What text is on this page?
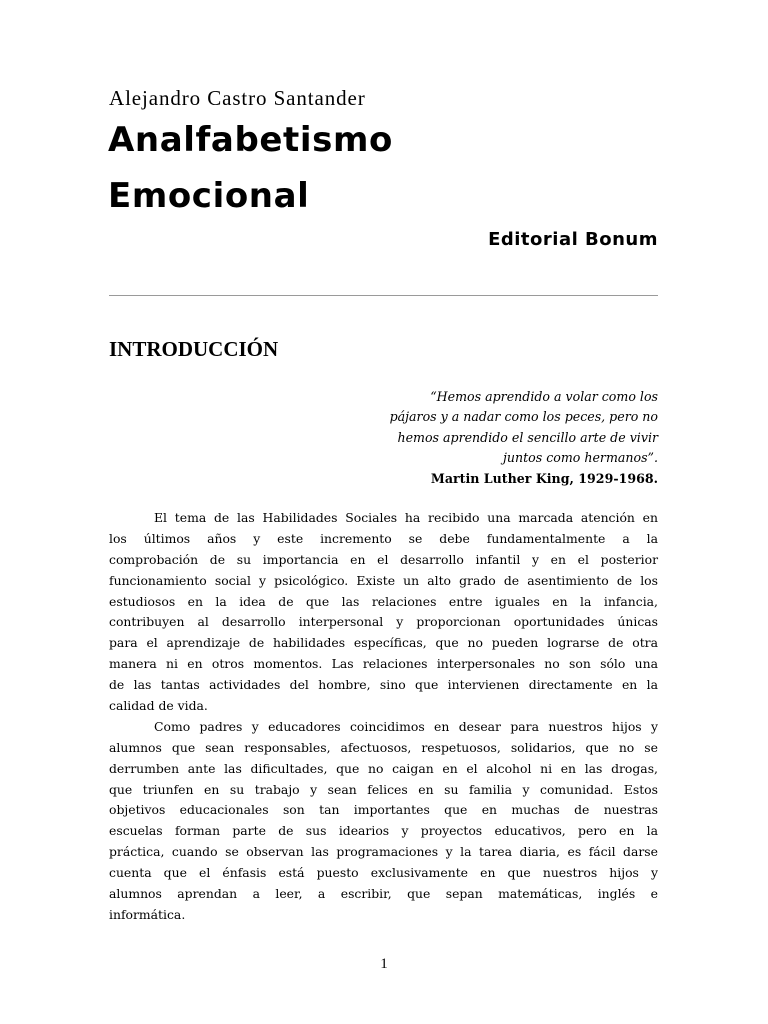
Alejandro Castro Santander
Analfabetismo
Emocional
Editorial Bonum
INTRODUCCIÓN
“Hemos aprendido a volar como los
pájaros y a nadar como los peces, pero no
hemos aprendido el sencillo arte de vivir
juntos como hermanos”.
Martin Luther King, 1929-1968.
El tema de las Habilidades Sociales ha recibido una marcada atención en
los últimos años y este incremento se debe fundamentalmente a la
comprobación de su importancia en el desarrollo infantil y en el posterior
funcionamiento social y psicológico. Existe un alto grado de asentimiento de los
estudiosos en la idea de que las relaciones entre iguales en la infancia,
contribuyen al desarrollo interpersonal y proporcionan oportunidades únicas
para el aprendizaje de habilidades específicas, que no pueden lograrse de otra
manera ni en otros momentos. Las relaciones interpersonales no son sólo una
de las tantas actividades del hombre, sino que intervienen directamente en la
calidad de vida.
Como padres y educadores coincidimos en desear para nuestros hijos y
alumnos que sean responsables, afectuosos, respetuosos, solidarios, que no se
derrumben ante las dificultades, que no caigan en el alcohol ni en las drogas,
que triunfen en su trabajo y sean felices en su familia y comunidad. Estos
objetivos educacionales son tan importantes que en muchas de nuestras
escuelas forman parte de sus idearios y proyectos educativos, pero en la
práctica, cuando se observan las programaciones y la tarea diaria, es fácil darse
cuenta que el énfasis está puesto exclusivamente en que nuestros hijos y
alumnos aprendan a leer, a escribir, que sepan matemáticas, inglés e
informática.
1
